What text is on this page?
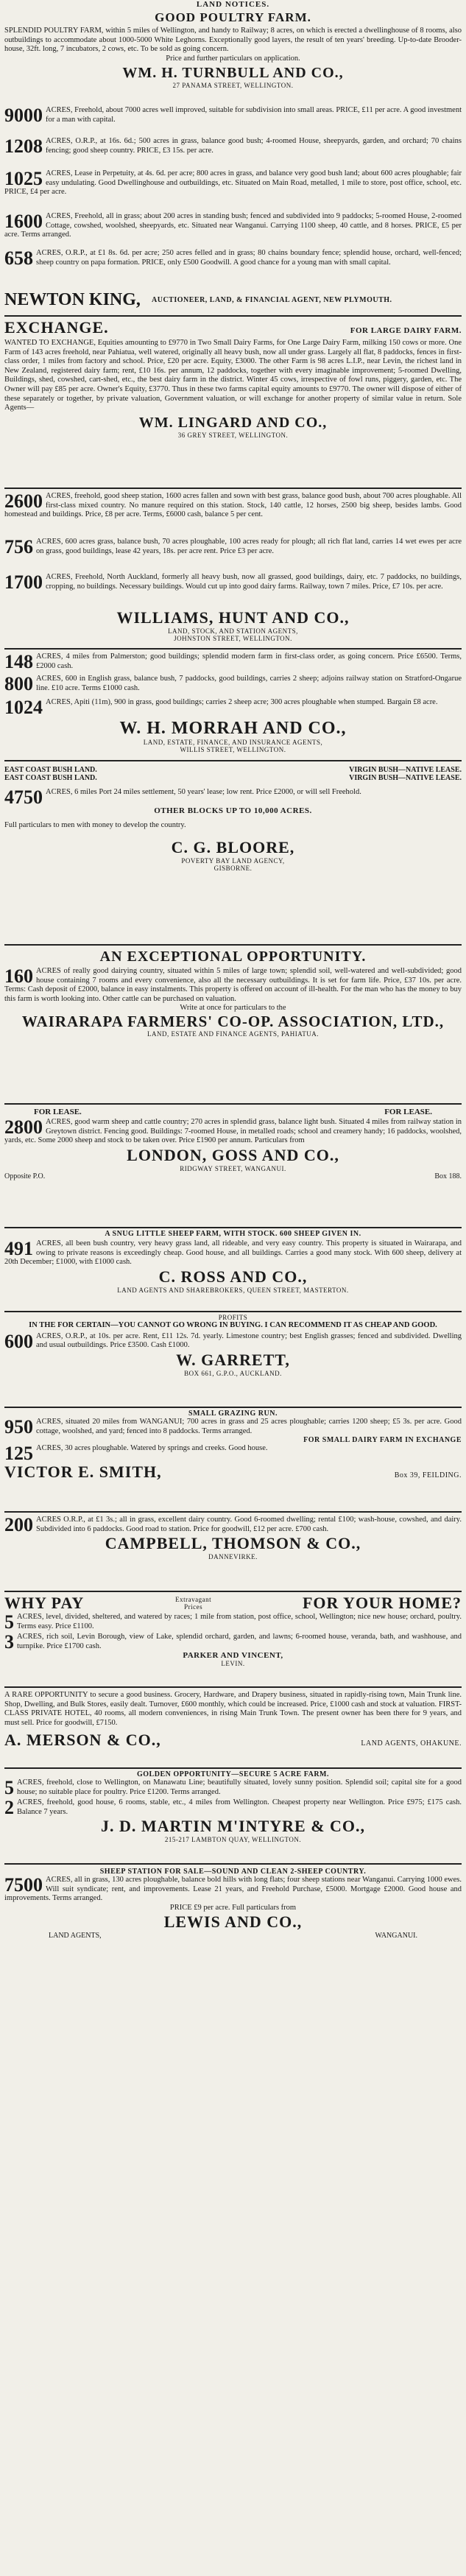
LAND NOTICES.
GOOD POULTRY FARM.
SPLENDID POULTRY FARM, within 5 miles of Wellington, and handy to Railway; 8 acres, on which is erected a dwellinghouse of 8 rooms, also outbuildings to accommodate about 1000-5000 White Leghorns. Exceptionally good layers, the result of ten years' breeding. Up-to-date Brooder-house, 32ft. long, 7 incubators, 2 cows, etc. To be sold as going concern.
Price and further particulars on application.
WM. H. TURNBULL AND CO.,
27 PANAMA STREET, WELLINGTON.
9000 ACRES, Freehold, about 7000 acres well improved, suitable for subdivision into small areas. PRICE, £11 per acre. A good investment for a man with capital.
1208 ACRES, O.R.P., at 16s. 6d.; 500 acres in grass, balance good bush; 4-roomed House, sheepyards, garden, and orchard; 70 chains fencing; good sheep country. PRICE, £3 15s. per acre.
1025 ACRES, Lease in Perpetuity, at 4s. 6d. per acre; 800 acres in grass, and balance very good bush land; about 600 acres ploughable; fair easy undulating. Good Dwellinghouse and outbuildings, etc. Situated on Main Road, metalled, 1 mile to store, post office, school, etc. PRICE, £4 per acre.
1600 ACRES, Freehold, all in grass; about 200 acres in standing bush; fenced and subdivided into 9 paddocks; 5-roomed House, 2-roomed Cottage, cowshed, woolshed, sheepyards, etc. Situated near Wanganui. Carrying 1100 sheep, 40 cattle, and 8 horses. PRICE, £5 per acre. Terms arranged.
658 ACRES, O.R.P., at £1 8s. 6d. per acre; 250 acres felled and in grass; 80 chains boundary fence; splendid house, orchard, well-fenced; sheep country on papa formation. PRICE, only £500 Goodwill. A good chance for a young man with small capital.
NEWTON KING,	AUCTIONEER, LAND, & FINANCIAL AGENT, NEW PLYMOUTH.
EXCHANGE.	FOR LARGE DAIRY FARM.
WANTED TO EXCHANGE, Equities amounting to £9770 in Two Small Dairy Farms, for One Large Dairy Farm, milking 150 cows or more. One Farm of 143 acres freehold, near Pahiatua, well watered, originally all heavy bush, now all under grass. Largely all flat, 8 paddocks, fences in first-class order, 1 miles from factory and school. Price, £20 per acre. Equity, £3000. The other Farm is 98 acres L.I.P., near Levin, the richest land in New Zealand, registered dairy farm; rent, £10 16s. per annum, 12 paddocks, together with every imaginable improvement; 5-roomed Dwelling, Buildings, shed, cowshed, cart-shed, etc., the best dairy farm in the district. Winter 45 cows, irrespective of fowl runs, piggery, garden, etc. The Owner will pay £85 per acre. Owner's Equity, £3770. Thus in these two farms capital equity amounts to £9770. The owner will dispose of either of these separately or together, by private valuation, Government valuation, or will exchange for another property of similar value in return. Sole Agents—
WM. LINGARD AND CO.,
36 GREY STREET, WELLINGTON.
2600 ACRES, freehold, good sheep station, 1600 acres fallen and sown with best grass, balance good bush, about 700 acres ploughable. All first-class mixed country. No manure required on this station. Stock, 140 cattle, 12 horses, 2500 big sheep, besides lambs. Good homestead and buildings. Price, £8 per acre. Terms, £6000 cash, balance 5 per cent.
756 ACRES, 600 acres grass, balance bush, 70 acres ploughable, 100 acres ready for plough; all rich flat land, carries 14 wet ewes per acre on grass, good buildings, lease 42 years, 18s. per acre rent. Price £3 per acre.
1700 ACRES, Freehold, North Auckland, formerly all heavy bush, now all grassed, good buildings, dairy, etc. 7 paddocks, no buildings, cropping, no buildings. Necessary buildings. Would cut up into good dairy farms. Railway, town 7 miles. Price, £7 10s. per acre.
WILLIAMS, HUNT AND CO.,
LAND, STOCK, AND STATION AGENTS,
JOHNSTON STREET, WELLINGTON.
148 ACRES, 4 miles from Palmerston; good buildings; splendid modern farm in first-class order, as going concern. Price £6500. Terms, £2000 cash.
800 ACRES, 600 in English grass, balance bush, 7 paddocks, good buildings, carries 2 sheep; adjoins railway station on Stratford-Ongarue line. £10 acre. Terms £1000 cash.
1024 ACRES, Apiti (11m), 900 in grass, good buildings; carries 2 sheep acre; 300 acres ploughable when stumped. Bargain £8 acre.
W. H. MORRAH AND CO.,
LAND, ESTATE, FINANCE, AND INSURANCE AGENTS,
WILLIS STREET, WELLINGTON.
EAST COAST BUSH LAND.	VIRGIN BUSH—NATIVE LEASE.
EAST COAST BUSH LAND.	VIRGIN BUSH—NATIVE LEASE.
4750 ACRES, 6 miles Port 24 miles settlement, 50 years' lease; low rent. Price £2000, or will sell Freehold.
OTHER BLOCKS UP TO 10,000 ACRES.
Full particulars to men with money to develop the country.
C. G. BLOORE,
POVERTY BAY LAND AGENCY,
GISBORNE.
AN EXCEPTIONAL OPPORTUNITY.
160 ACRES of really good dairying country, situated within 5 miles of large town; splendid soil, well-watered and well-subdivided; good house containing 7 rooms and every convenience, also all the necessary outbuildings. It is set for farm life. Price, £37 10s. per acre. Terms: Cash deposit of £2000, balance in easy instalments. This property is offered on account of ill-health. For the man who has the money to buy this farm is worth looking into. Other cattle can be purchased on valuation.
Write at once for particulars to the
WAIRARAPA FARMERS' CO-OP. ASSOCIATION, LTD.,
LAND, ESTATE AND FINANCE AGENTS, PAHIATUA.
FOR LEASE.	FOR LEASE.
2800 ACRES, good warm sheep and cattle country; 270 acres in splendid grass, balance light bush. Situated 4 miles from railway station in Greytown district. Fencing good. Buildings: 7-roomed House, in metalled roads; school and creamery handy; 16 paddocks, woolshed, yards, etc. Some 2000 sheep and stock to be taken over. Price £1900 per annum. Particulars from
LONDON, GOSS AND CO.,
RIDGWAY STREET, WANGANUI.
Opposite P.O.	Box 188.
A SNUG LITTLE SHEEP FARM, WITH STOCK. 600 SHEEP GIVEN IN.
491 ACRES, all been bush country, very heavy grass land, all rideable, and very easy country. This property is situated in Wairarapa, and owing to private reasons is exceedingly cheap. Good house, and all buildings. Carries a good many stock. With 600 sheep, delivery at 20th December; £1000, with £1000 cash.
C. ROSS AND CO.,
LAND AGENTS AND SHAREBROKERS, QUEEN STREET, MASTERTON.
PROFITS
IN THE FOR CERTAIN—YOU CANNOT GO WRONG IN BUYING. I CAN RECOMMEND IT AS CHEAP AND GOOD.
600 ACRES, O.R.P., at 10s. per acre. Rent, £11 12s. 7d. yearly. Limestone country; best English grasses; fenced and subdivided. Dwelling and usual outbuildings. Price £3500. Cash £1000.
W. GARRETT,
BOX 661, G.P.O., AUCKLAND.
SMALL GRAZING RUN.
950 ACRES, situated 20 miles from WANGANUI; 700 acres in grass and 25 acres ploughable; carries 1200 sheep; £5 3s. per acre. Good cottage, woolshed, and yard; fenced into 8 paddocks. Terms arranged.
FOR SMALL DAIRY FARM IN EXCHANGE
125 ACRES, 30 acres ploughable. Watered by springs and creeks. Good house.
VICTOR E. SMITH,	Box 39, FEILDING.
200 ACRES O.R.P., at £1 3s.; all in grass, excellent dairy country. Good 6-roomed dwelling; rental £100; wash-house, cowshed, and dairy. Subdivided into 6 paddocks. Good road to station. Price for goodwill, £12 per acre. £700 cash.
CAMPBELL, THOMSON & CO.,
DANNEVIRKE.
WHY PAY	Extravagant Prices	FOR YOUR HOME?
5 ACRES, level, divided, sheltered, and watered by races; 1 mile from station, post office, school, Wellington; nice new house; orchard, poultry. Terms easy. Price £1100.
3 ACRES, rich soil, Levin Borough, view of Lake, splendid orchard, garden, and lawns; 6-roomed house, veranda, bath, and washhouse, and turnpike. Price £1700 cash.
PARKER AND VINCENT,
LEVIN.
A RARE OPPORTUNITY to secure a good business. Grocery, Hardware, and Drapery business, situated in rapidly-rising town, Main Trunk line. Shop, Dwelling, and Bulk Stores, easily dealt. Turnover, £600 monthly, which could be increased. Price, £1000 cash and stock at valuation. FIRST-CLASS PRIVATE HOTEL, 40 rooms, all modern conveniences, in rising Main Trunk Town. The present owner has been there for 9 years, and must sell. Price for goodwill, £7150.
A. MERSON & CO.,	LAND AGENTS, OHAKUNE.
GOLDEN OPPORTUNITY—SECURE 5 ACRE FARM.
5 ACRES, freehold, close to Wellington, on Manawatu Line; beautifully situated, lovely sunny position. Splendid soil; capital site for a good house; no suitable place for poultry. Price £1200. Terms arranged.
2 ACRES, freehold, good house, 6 rooms, stable, etc., 4 miles from Wellington. Cheapest property near Wellington. Price £975; £175 cash. Balance 7 years.
J. D. MARTIN M'INTYRE & CO.,
215-217 LAMBTON QUAY, WELLINGTON.
SHEEP STATION FOR SALE—SOUND AND CLEAN 2-SHEEP COUNTRY.
7500 ACRES, all in grass, 130 acres ploughable, balance bold hills with long flats; four sheep stations near Wanganui. Carrying 1000 ewes. Will suit syndicate; rent, and improvements. Lease 21 years, and Freehold Purchase, £5000. Mortgage £2000. Good house and improvements. Terms arranged.
PRICE £9 per acre. Full particulars from
LEWIS AND CO.,
LAND AGENTS,	WANGANUI.
